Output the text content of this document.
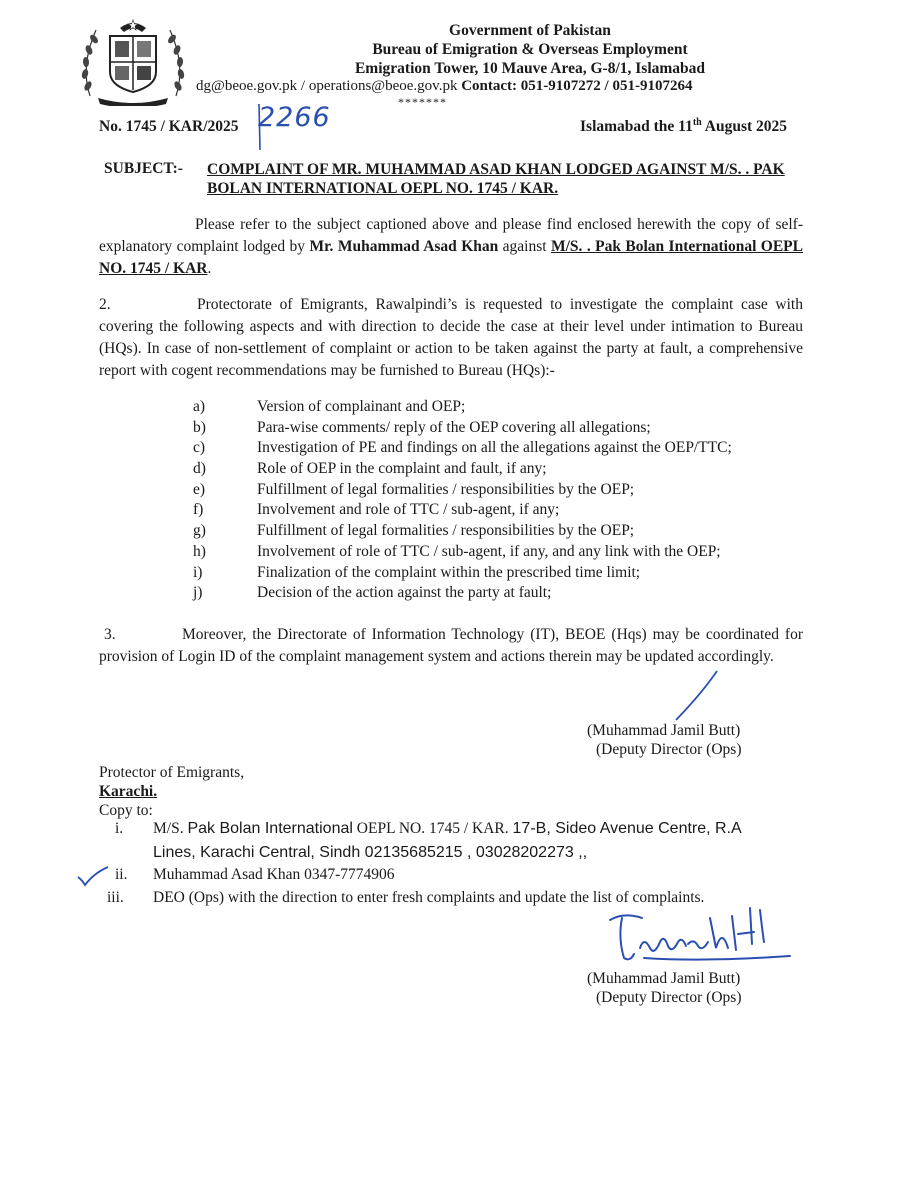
Government of Pakistan
Bureau of Emigration & Overseas Employment
Emigration Tower, 10 Mauve Area, G-8/1, Islamabad
dg@beoe.gov.pk / operations@beoe.gov.pk Contact: 051-9107272 / 051-9107264
*******
No. 1745 / KAR/2025 2266	Islamabad the 11th August 2025
SUBJECT:- COMPLAINT OF MR. MUHAMMAD ASAD KHAN LODGED AGAINST M/S. . PAK BOLAN INTERNATIONAL OEPL NO. 1745 / KAR.
Please refer to the subject captioned above and please find enclosed herewith the copy of self-explanatory complaint lodged by Mr. Muhammad Asad Khan against M/S. . Pak Bolan International OEPL NO. 1745 / KAR.
2.	Protectorate of Emigrants, Rawalpindi’s is requested to investigate the complaint case with covering the following aspects and with direction to decide the case at their level under intimation to Bureau (HQs). In case of non-settlement of complaint or action to be taken against the party at fault, a comprehensive report with cogent recommendations may be furnished to Bureau (HQs):-
a)	Version of complainant and OEP;
b)	Para-wise comments/ reply of the OEP covering all allegations;
c)	Investigation of PE and findings on all the allegations against the OEP/TTC;
d)	Role of OEP in the complaint and fault, if any;
e)	Fulfillment of legal formalities / responsibilities by the OEP;
f)	Involvement and role of TTC / sub-agent, if any;
g)	Fulfillment of legal formalities / responsibilities by the OEP;
h)	Involvement of role of TTC / sub-agent, if any, and any link with the OEP;
i)	Finalization of the complaint within the prescribed time limit;
j)	Decision of the action against the party at fault;
3.	Moreover, the Directorate of Information Technology (IT), BEOE (Hqs) may be coordinated for provision of Login ID of the complaint management system and actions therein may be updated accordingly.
(Muhammad Jamil Butt)
(Deputy Director (Ops)
Protector of Emigrants,
Karachi.
Copy to:
i.	M/S. Pak Bolan International OEPL NO. 1745 / KAR. 17-B, Sideo Avenue Centre, R.A
Lines, Karachi Central, Sindh 02135685215 , 03028202273 ,,
ii.	Muhammad Asad Khan 0347-7774906
iii.	DEO (Ops) with the direction to enter fresh complaints and update the list of complaints.
(Muhammad Jamil Butt)
(Deputy Director (Ops)
